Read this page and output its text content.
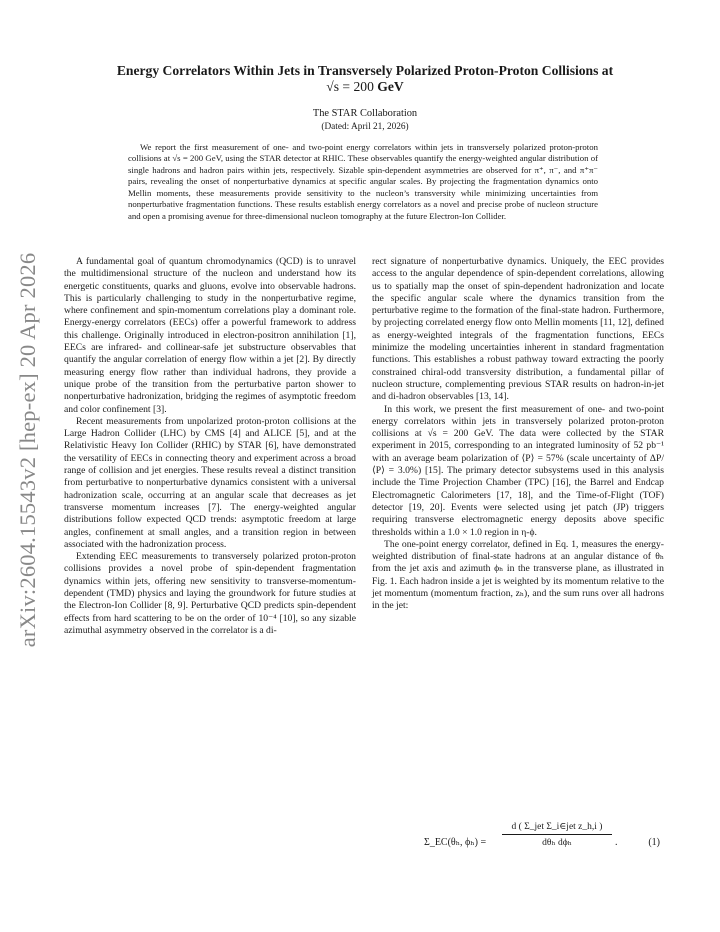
arXiv:2604.15543v2 [hep-ex] 20 Apr 2026
Energy Correlators Within Jets in Transversely Polarized Proton-Proton Collisions at
√s = 200 GeV
The STAR Collaboration
(Dated: April 21, 2026)

We report the first measurement of one- and two-point energy correlators within jets in transversely polarized proton-proton collisions at √s = 200 GeV, using the STAR detector at RHIC. These observables quantify the energy-weighted angular distribution of single hadrons and hadron pairs within jets, respectively. Sizable spin-dependent asymmetries are observed for π⁺, π⁻, and π⁺π⁻ pairs, revealing the onset of nonperturbative dynamics at specific angular scales. By projecting the fragmentation dynamics onto Mellin moments, these measurements provide sensitivity to the nucleon’s transversity while minimizing uncertainties from nonperturbative fragmentation functions. These results establish energy correlators as a novel and precise probe of nucleon structure and open a promising avenue for three-dimensional nucleon tomography at the future Electron-Ion Collider.

A fundamental goal of quantum chromodynamics (QCD) is to unravel the multidimensional structure of the nucleon and understand how its energetic constituents, quarks and gluons, evolve into observable hadrons. This is particularly challenging to study in the nonperturbative regime, where confinement and spin-momentum correlations play a dominant role. Energy-energy correlators (EECs) offer a powerful framework to address this challenge. Originally introduced in electron-positron annihilation [1], EECs are infrared- and collinear-safe jet substructure observables that quantify the angular correlation of energy flow within a jet [2]. By directly measuring energy flow rather than individual hadrons, they provide a unique probe of the transition from the perturbative parton shower to nonperturbative hadronization, bridging the regimes of asymptotic freedom and color confinement [3].

Recent measurements from unpolarized proton-proton collisions at the Large Hadron Collider (LHC) by CMS [4] and ALICE [5], and at the Relativistic Heavy Ion Collider (RHIC) by STAR [6], have demonstrated the versatility of EECs in connecting theory and experiment across a broad range of collision and jet energies. These results reveal a distinct transition from perturbative to nonperturbative dynamics consistent with a universal hadronization scale, occurring at an angular scale that decreases as jet transverse momentum increases [7]. The energy-weighted angular distributions follow expected QCD trends: asymptotic freedom at large angles, confinement at small angles, and a transition region in between associated with the hadronization process.

Extending EEC measurements to transversely polarized proton-proton collisions provides a novel probe of spin-dependent fragmentation dynamics within jets, offering new sensitivity to transverse-momentum-dependent (TMD) physics and laying the groundwork for future studies at the Electron-Ion Collider [8, 9]. Perturbative QCD predicts spin-dependent effects from hard scattering to be on the order of 10⁻⁴ [10], so any sizable azimuthal asymmetry observed in the correlator is a di-

rect signature of nonperturbative dynamics. Uniquely, the EEC provides access to the angular dependence of spin-dependent correlations, allowing us to spatially map the onset of spin-dependent hadronization and locate the specific angular scale where the dynamics transition from the perturbative regime to the formation of the final-state hadron. Furthermore, by projecting correlated energy flow onto Mellin moments [11, 12], defined as energy-weighted integrals of the fragmentation functions, EECs minimize the modeling uncertainties inherent in standard fragmentation functions. This establishes a robust pathway toward extracting the poorly constrained chiral-odd transversity distribution, a fundamental pillar of nucleon structure, complementing previous STAR results on hadron-in-jet and di-hadron observables [13, 14].

In this work, we present the first measurement of one- and two-point energy correlators within jets in transversely polarized proton-proton collisions at √s = 200 GeV. The data were collected by the STAR experiment in 2015, corresponding to an integrated luminosity of 52 pb⁻¹ with an average beam polarization of ⟨P⟩ = 57% (scale uncertainty of ΔP/⟨P⟩ = 3.0%) [15]. The primary detector subsystems used in this analysis include the Time Projection Chamber (TPC) [16], the Barrel and Endcap Electromagnetic Calorimeters [17, 18], and the Time-of-Flight (TOF) detector [19, 20]. Events were selected using jet patch (JP) triggers requiring transverse electromagnetic energy deposits above specific thresholds within a 1.0 × 1.0 region in η-ϕ.

The one-point energy correlator, defined in Eq. 1, measures the energy-weighted distribution of final-state hadrons at an angular distance of θₕ from the jet axis and azimuth ϕₕ in the transverse plane, as illustrated in Fig. 1. Each hadron inside a jet is weighted by its momentum relative to the jet momentum (momentum fraction, zₕ), and the sum runs over all hadrons in the jet:

Σ_EC(θₕ, ϕₕ) =
d ( Σ_jet Σ_i∈jet z_h,i )
dθₕ dϕₕ	.	(1)
